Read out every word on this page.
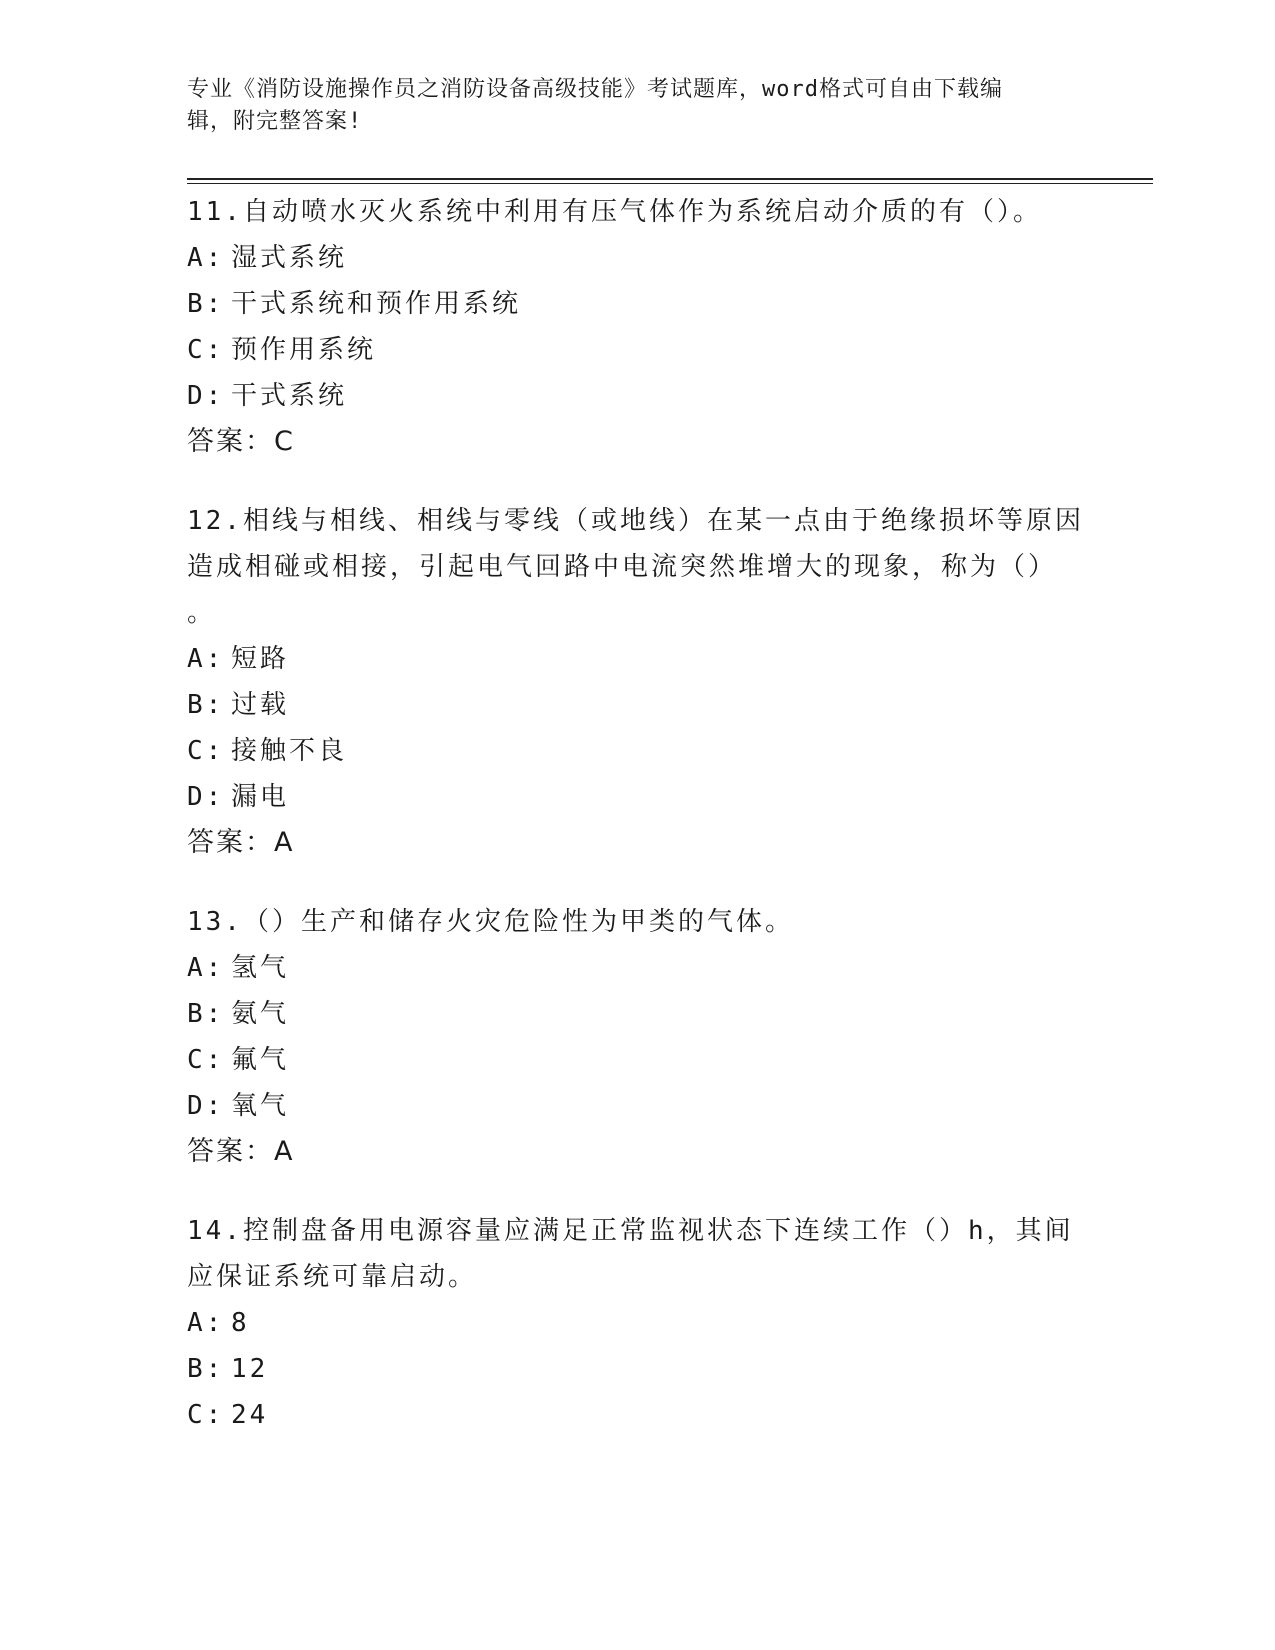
专业《消防设施操作员之消防设备高级技能》考试题库，word格式可自由下载编
辑，附完整答案!
11.自动喷水灭火系统中利用有压气体作为系统启动介质的有（）。
A: 湿式系统
B: 干式系统和预作用系统
C: 预作用系统
D: 干式系统
答案：C
12.相线与相线、相线与零线（或地线）在某一点由于绝缘损坏等原因
造成相碰或相接，引起电气回路中电流突然堆增大的现象，称为（）
。
A: 短路
B: 过载
C: 接触不良
D: 漏电
答案：A
13.（）生产和储存火灾危险性为甲类的气体。
A: 氢气
B: 氨气
C: 氟气
D: 氧气
答案：A
14.控制盘备用电源容量应满足正常监视状态下连续工作（）h，其间
应保证系统可靠启动。
A: 8
B: 12
C: 24
